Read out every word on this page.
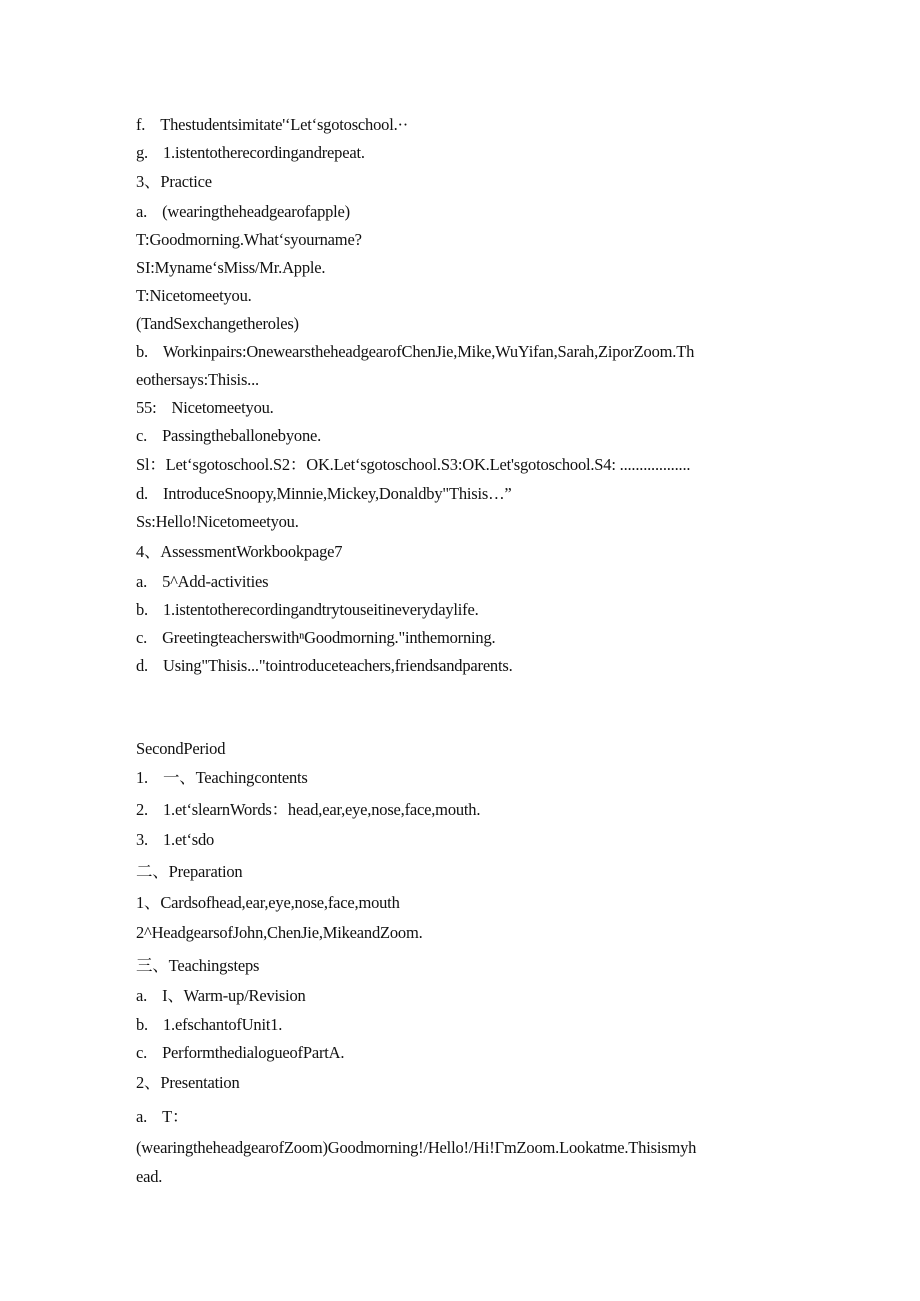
f. Thestudentsimitate'ʻLetʻsgotoschool.··
g. 1.istentotherecordingandrepeat.
3、Practice
a. (wearingtheheadgearofapple)
T:Goodmorning.Whatʻsyourname?
SI:MynameʻsMiss/Mr.Apple.
T:Nicetomeetyou.
(TandSexchangetheroles)
b. Workinpairs:OnewearstheheadgearofChenJie,Mike,WuYifan,Sarah,ZiporZoom.Th
eothersays:Thisis...
55: Nicetomeetyou.
c. Passingtheballonebyone.
Sl：Letʻsgotoschool.S2：OK.Letʻsgotoschool.S3:OK.Let'sgotoschool.S4: ..................
d. IntroduceSnoopy,Minnie,Mickey,Donaldby"Thisis…”
Ss:Hello!Nicetomeetyou.
4、AssessmentWorkbookpage7
a. 5^Add-activities
b. 1.istentotherecordingandtrytouseitineverydaylife.
c. GreetingteacherswithⁿGoodmorning."inthemorning.
d. Using"Thisis..."tointroduceteachers,friendsandparents.
SecondPeriod
1. 一、Teachingcontents
2. 1.etʻslearnWords：head,ear,eye,nose,face,mouth.
3. 1.etʻsdo
二、Preparation
1、Cardsofhead,ear,eye,nose,face,mouth
2^HeadgearsofJohn,ChenJie,MikeandZoom.
三、Teachingsteps
a. I、Warm-up/Revision
b. 1.efschantofUnit1.
c. PerformthedialogueofPartA.
2、Presentation
a. T：
(wearingtheheadgearofZoom)Goodmorning!/Hello!/Hi!ΓmZoom.Lookatme.Thisismyh
ead.
